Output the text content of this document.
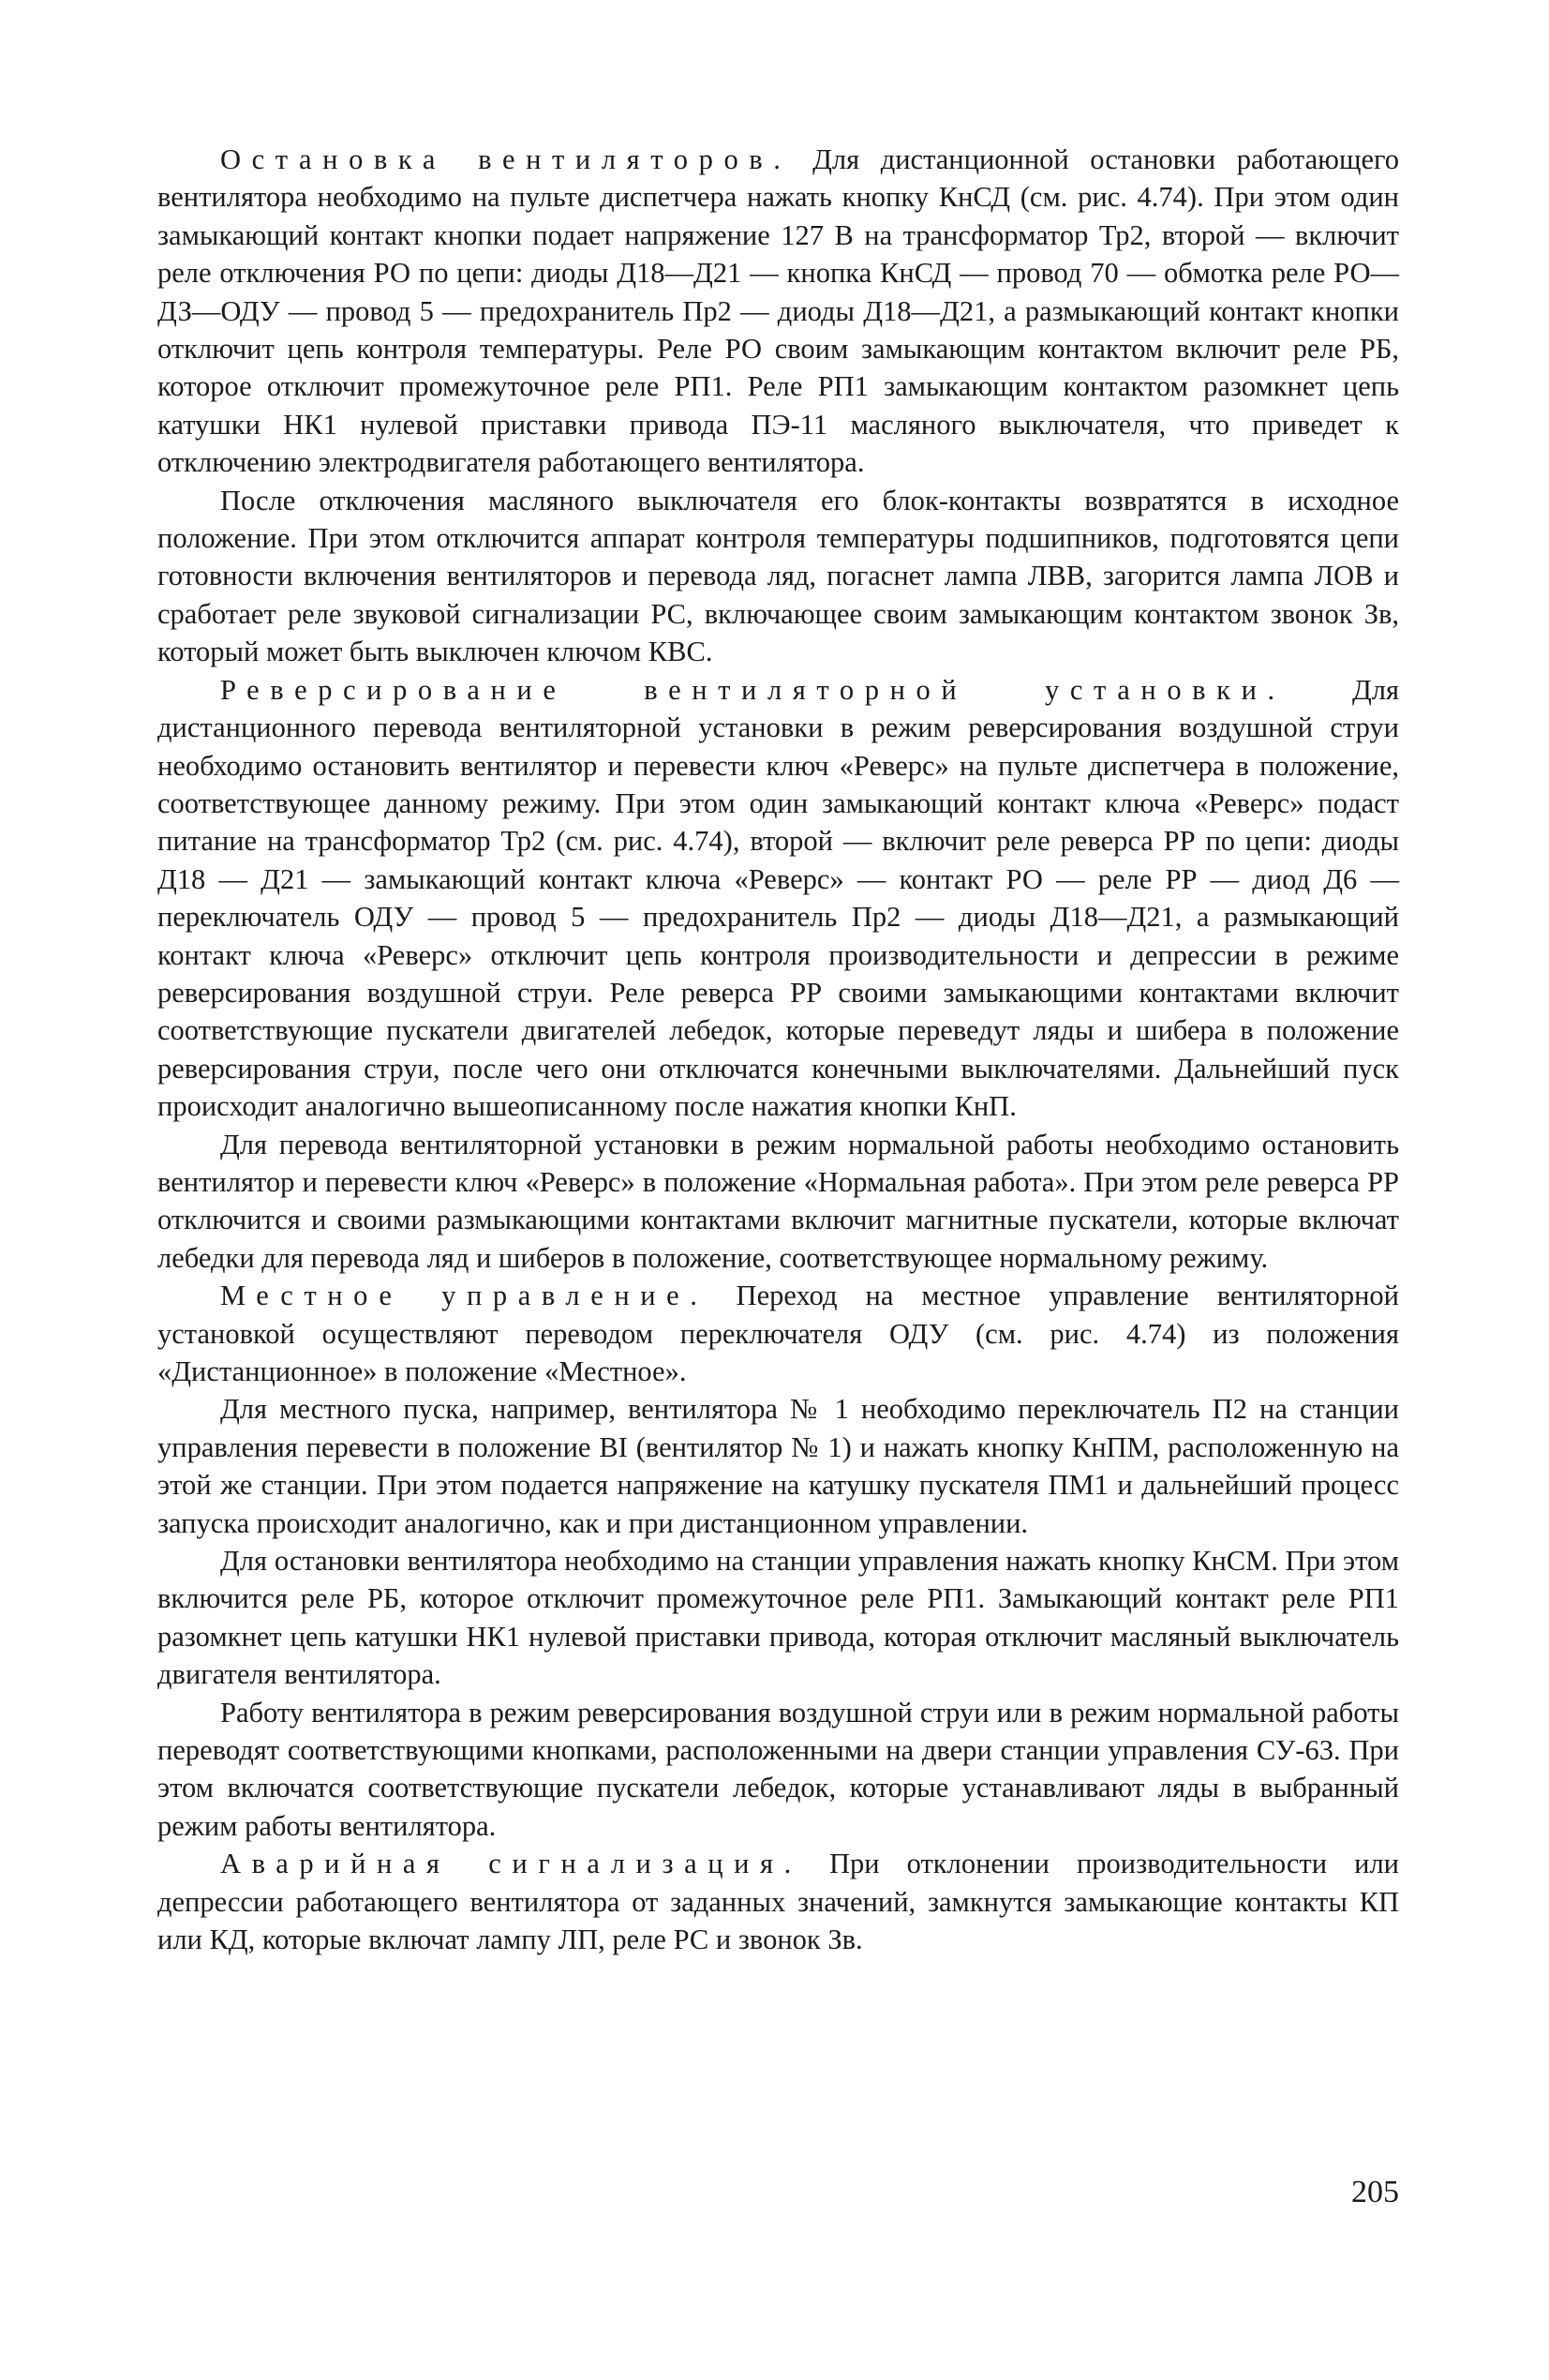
Остановка вентиляторов. Для дистанционной остановки работающего вентилятора необходимо на пульте диспетчера нажать кнопку КнСД (см. рис. 4.74). При этом один замыкающий контакт кнопки подает напряжение 127 В на трансформатор Тр2, второй — включит реле отключения РО по цепи: диоды Д18—Д21 — кнопка КнСД — провод 70 — обмотка реле РО—ДЗ—ОДУ — провод 5 — предохранитель Пр2 — диоды Д18—Д21, а размыкающий контакт кнопки отключит цепь контроля температуры. Реле РО своим замыкающим контактом включит реле РБ, которое отключит промежуточное реле РП1. Реле РП1 замыкающим контактом разомкнет цепь катушки НК1 нулевой приставки привода ПЭ-11 масляного выключателя, что приведет к отключению электродвигателя работающего вентилятора.

После отключения масляного выключателя его блок-контакты возвратятся в исходное положение. При этом отключится аппарат контроля температуры подшипников, подготовятся цепи готовности включения вентиляторов и перевода ляд, погаснет лампа ЛВВ, загорится лампа ЛОВ и сработает реле звуковой сигнализации РС, включающее своим замыкающим контактом звонок Зв, который может быть выключен ключом КВС.

Реверсирование вентиляторной установки. Для дистанционного перевода вентиляторной установки в режим реверсирования воздушной струи необходимо остановить вентилятор и перевести ключ «Реверс» на пульте диспетчера в положение, соответствующее данному режиму. При этом один замыкающий контакт ключа «Реверс» подаст питание на трансформатор Тр2 (см. рис. 4.74), второй — включит реле реверса РР по цепи: диоды Д18 — Д21 — замыкающий контакт ключа «Реверс» — контакт РО — реле РР — диод Д6 — переключатель ОДУ — провод 5 — предохранитель Пр2 — диоды Д18—Д21, а размыкающий контакт ключа «Реверс» отключит цепь контроля производительности и депрессии в режиме реверсирования воздушной струи. Реле реверса РР своими замыкающими контактами включит соответствующие пускатели двигателей лебедок, которые переведут ляды и шибера в положение реверсирования струи, после чего они отключатся конечными выключателями. Дальнейший пуск происходит аналогично вышеописанному после нажатия кнопки КнП.

Для перевода вентиляторной установки в режим нормальной работы необходимо остановить вентилятор и перевести ключ «Реверс» в положение «Нормальная работа». При этом реле реверса РР отключится и своими размыкающими контактами включит магнитные пускатели, которые включат лебедки для перевода ляд и шиберов в положение, соответствующее нормальному режиму.

Местное управление. Переход на местное управление вентиляторной установкой осуществляют переводом переключателя ОДУ (см. рис. 4.74) из положения «Дистанционное» в положение «Местное».

Для местного пуска, например, вентилятора № 1 необходимо переключатель П2 на станции управления перевести в положение ВI (вентилятор № 1) и нажать кнопку КнПМ, расположенную на этой же станции. При этом подается напряжение на катушку пускателя ПМ1 и дальнейший процесс запуска происходит аналогично, как и при дистанционном управлении.

Для остановки вентилятора необходимо на станции управления нажать кнопку КнСМ. При этом включится реле РБ, которое отключит промежуточное реле РП1. Замыкающий контакт реле РП1 разомкнет цепь катушки НК1 нулевой приставки привода, которая отключит масляный выключатель двигателя вентилятора.

Работу вентилятора в режим реверсирования воздушной струи или в режим нормальной работы переводят соответствующими кнопками, расположенными на двери станции управления СУ-63. При этом включатся соответствующие пускатели лебедок, которые устанавливают ляды в выбранный режим работы вентилятора.

Аварийная сигнализация. При отклонении производительности или депрессии работающего вентилятора от заданных значений, замкнутся замыкающие контакты КП или КД, которые включат лампу ЛП, реле РС и звонок Зв.

205
